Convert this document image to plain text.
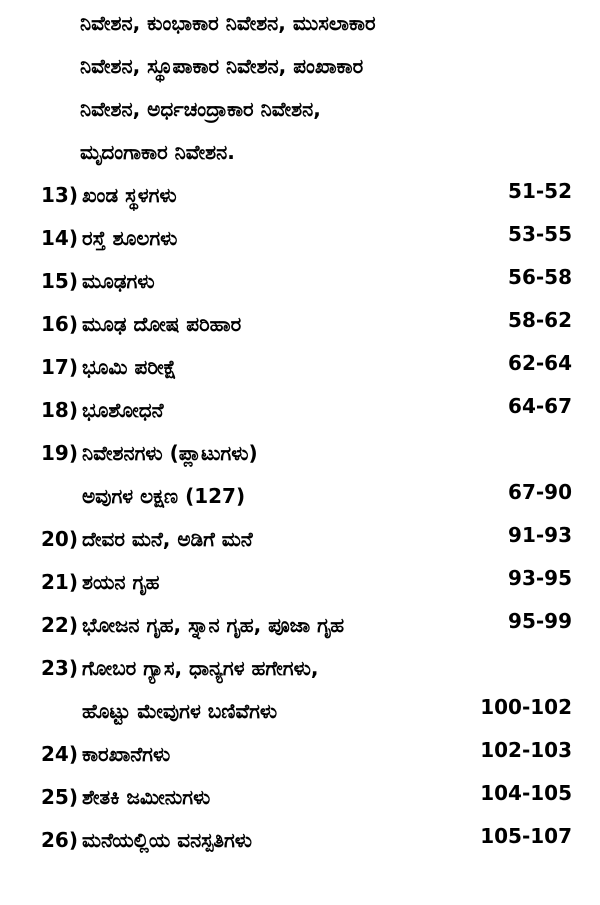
ನಿವೇಶನ, ಕುಂಭಾಕಾರ ನಿವೇಶನ, ಮುಸಲಾಕಾರ
ನಿವೇಶನ, ಸ್ಥೂಪಾಕಾರ ನಿವೇಶನ, ಪಂಖಾಕಾರ
ನಿವೇಶನ, ಅರ್ಧಚಂದ್ರಾಕಾರ ನಿವೇಶನ,
ಮೃದಂಗಾಕಾರ ನಿವೇಶನ.
13) ಖಂಡ ಸ್ಥಳಗಳು	51-52
14) ರಸ್ತೆ ಶೂಲಗಳು	53-55
15) ಮೂಢಗಳು	56-58
16) ಮೂಢ ದೋಷ ಪರಿಹಾರ	58-62
17) ಭೂಮಿ ಪರೀಕ್ಷೆ	62-64
18) ಭೂಶೋಧನೆ	64-67
19) ನಿವೇಶನಗಳು (ಪ್ಲಾಟುಗಳು)
ಅವುಗಳ ಲಕ್ಷಣ (127)	67-90
20) ದೇವರ ಮನೆ, ಅಡಿಗೆ ಮನೆ	91-93
21) ಶಯನ ಗೃಹ	93-95
22) ಭೋಜನ ಗೃಹ, ಸ್ನಾನ ಗೃಹ, ಪೂಜಾ ಗೃಹ	95-99
23) ಗೋಬರ ಗ್ಯಾಸ, ಧಾನ್ಯಗಳ ಹಗೇಗಳು,
ಹೊಟ್ಟು ಮೇವುಗಳ ಬಣಿವೆಗಳು	100-102
24) ಕಾರಖಾನೆಗಳು	102-103
25) ಶೇತಕಿ ಜಮೀನುಗಳು	104-105
26) ಮನೆಯಲ್ಲಿಯ ವನಸ್ಪತಿಗಳು	105-107
